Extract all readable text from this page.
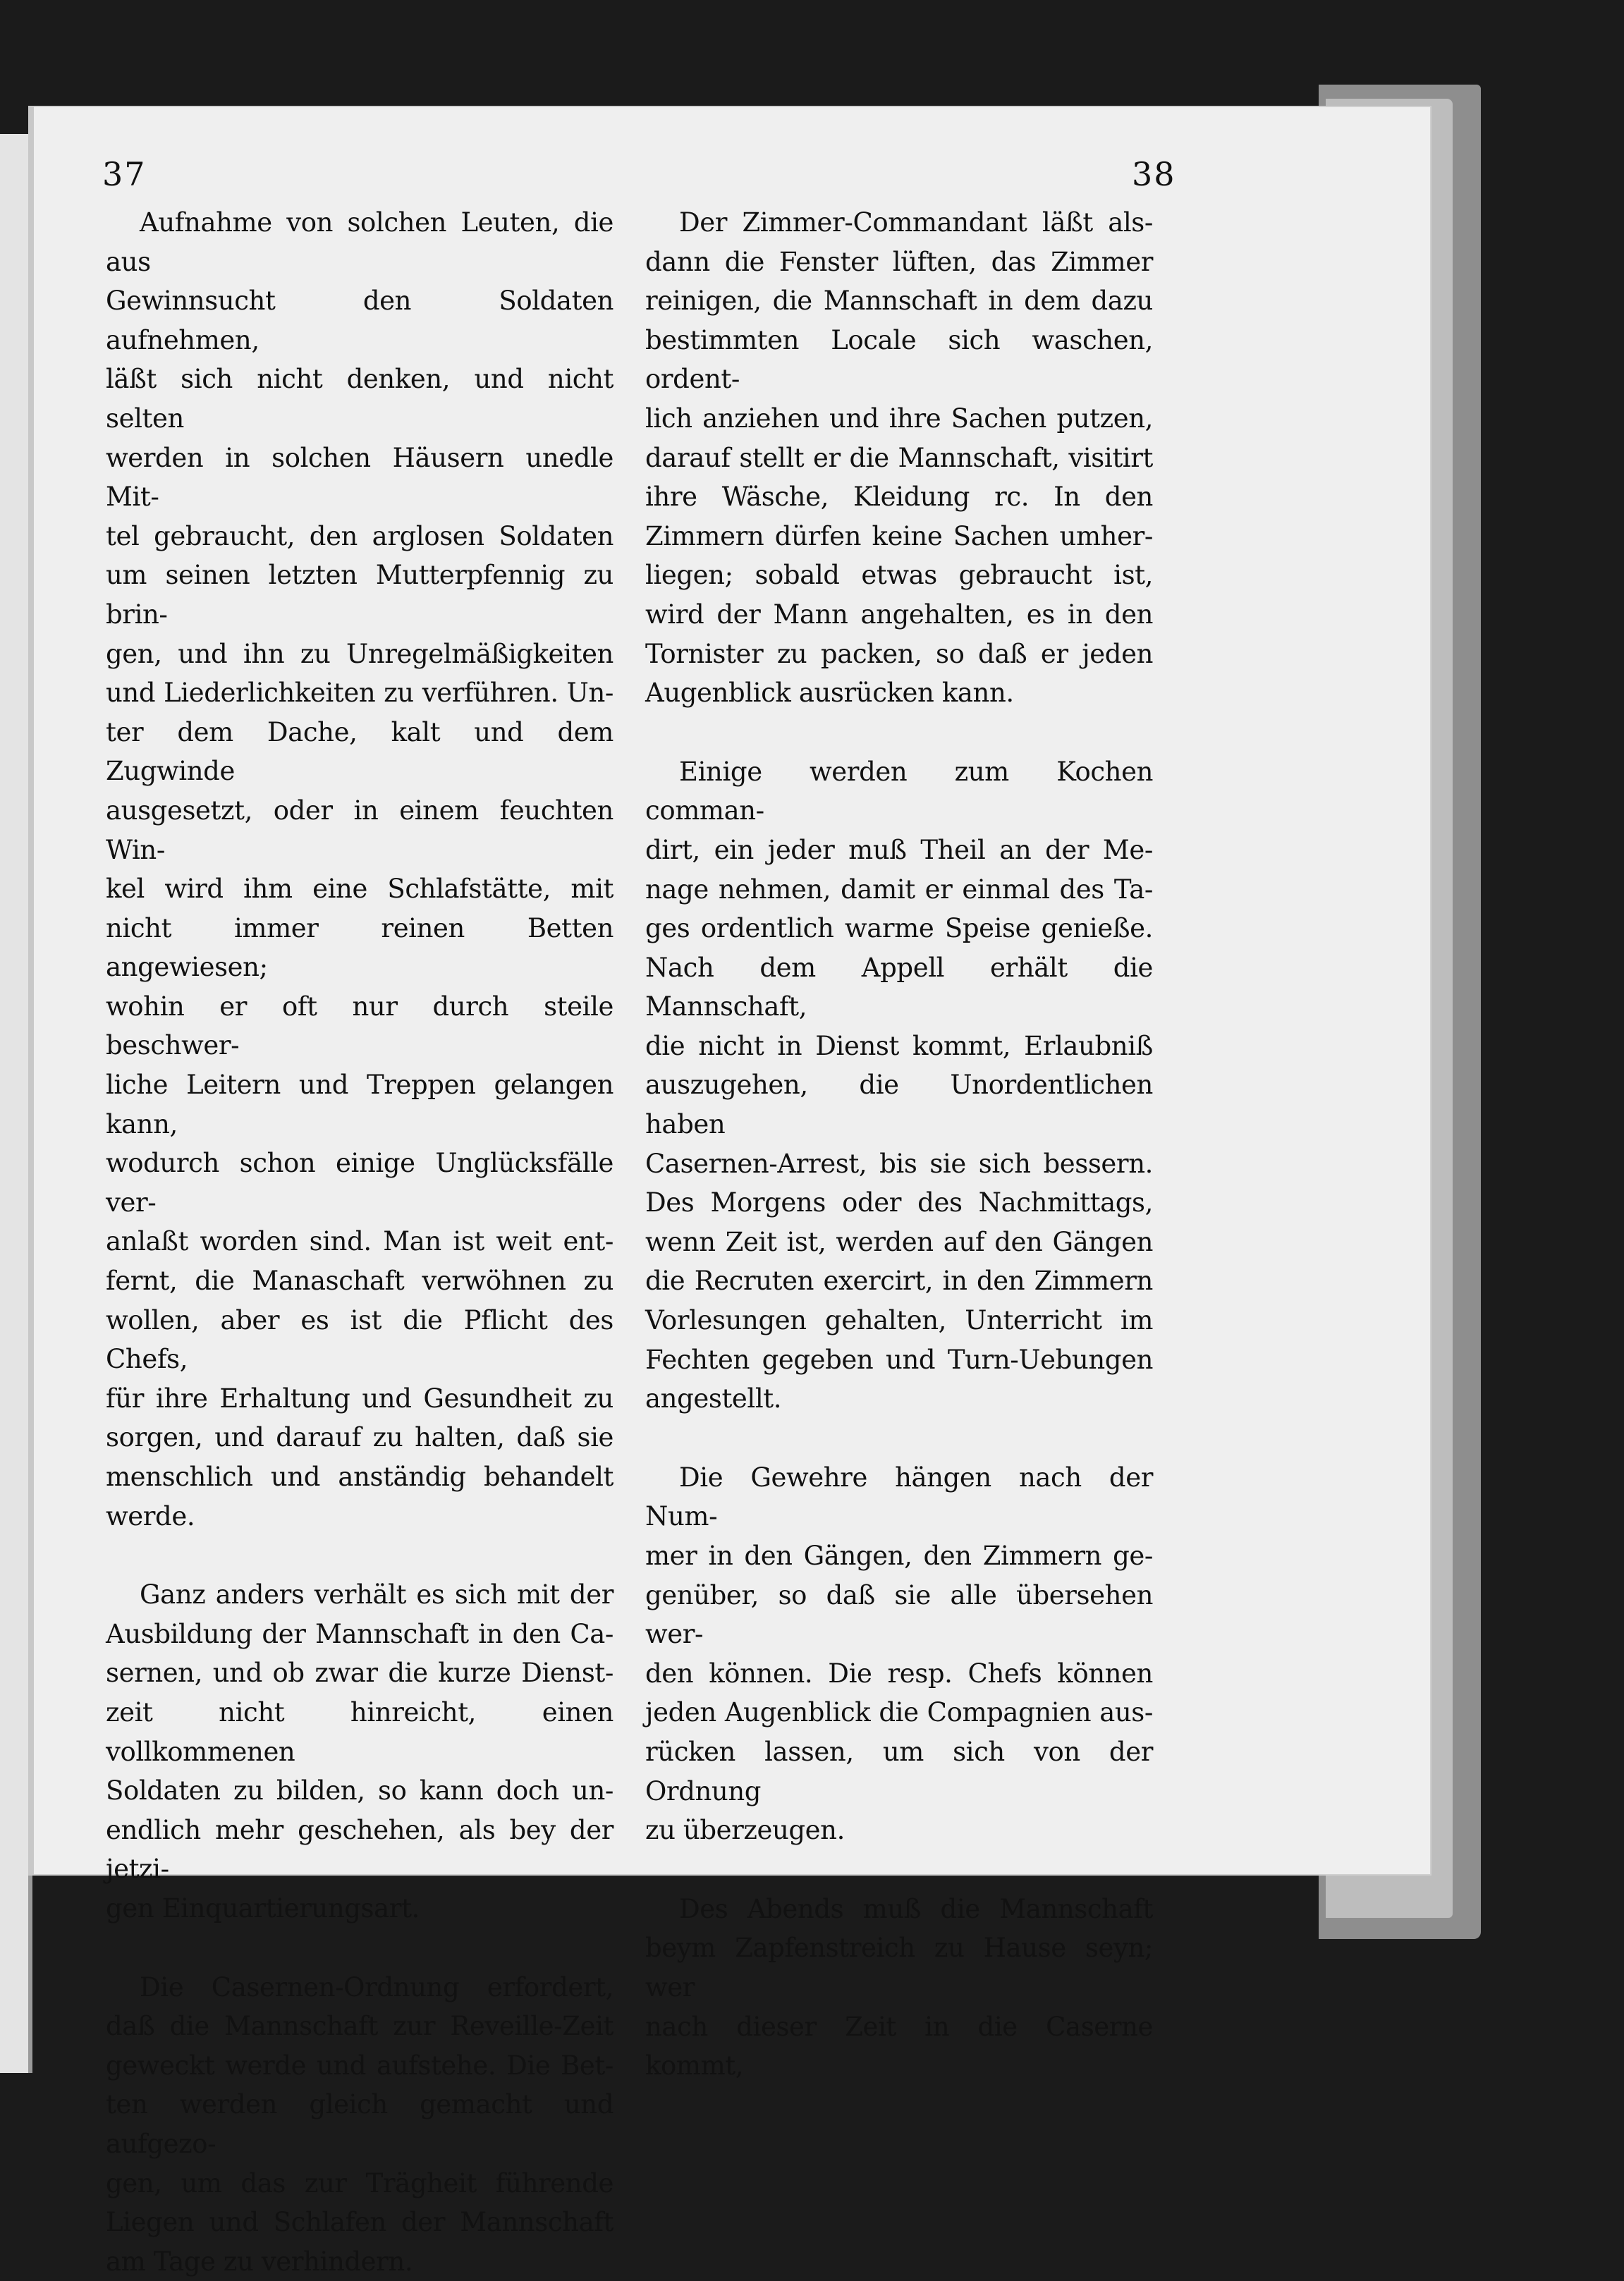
37	38

Aufnahme von solchen Leuten, die aus

Gewinnsucht den Soldaten aufnehmen,

läßt sich nicht denken, und nicht selten

werden in solchen Häusern unedle Mit-

tel gebraucht, den arglosen Soldaten

um seinen letzten Mutterpfennig zu brin-

gen, und ihn zu Unregelmäßigkeiten

und Liederlichkeiten zu verführen. Un-

ter dem Dache, kalt und dem Zugwinde

ausgesetzt, oder in einem feuchten Win-

kel wird ihm eine Schlafstätte, mit

nicht immer reinen Betten angewiesen;

wohin er oft nur durch steile beschwer-

liche Leitern und Treppen gelangen kann,

wodurch schon einige Unglücksfälle ver-

anlaßt worden sind. Man ist weit ent-

fernt, die Manaschaft verwöhnen zu

wollen, aber es ist die Pflicht des Chefs,

für ihre Erhaltung und Gesundheit zu

sorgen, und darauf zu halten, daß sie

menschlich und anständig behandelt

werde.

Ganz anders verhält es sich mit der

Ausbildung der Mannschaft in den Ca-

sernen, und ob zwar die kurze Dienst-

zeit nicht hinreicht, einen vollkommenen

Soldaten zu bilden, so kann doch un-

endlich mehr geschehen, als bey der jetzi-

gen Einquartierungsart.

Die Casernen-Ordnung erfordert,

daß die Mannschaft zur Reveille-Zeit

geweckt werde und aufstehe. Die Bet-

ten werden gleich gemacht und aufgezo-

gen, um das zur Trägheit führende

Liegen und Schlafen der Mannschaft

am Tage zu verhindern.

Der Zimmer-Commandant läßt als-

dann die Fenster lüften, das Zimmer

reinigen, die Mannschaft in dem dazu

bestimmten Locale sich waschen, ordent-

lich anziehen und ihre Sachen putzen,

darauf stellt er die Mannschaft, visitirt

ihre Wäsche, Kleidung rc. In den

Zimmern dürfen keine Sachen umher-

liegen; sobald etwas gebraucht ist,

wird der Mann angehalten, es in den

Tornister zu packen, so daß er jeden

Augenblick ausrücken kann.

Einige werden zum Kochen comman-

dirt, ein jeder muß Theil an der Me-

nage nehmen, damit er einmal des Ta-

ges ordentlich warme Speise genieße.

Nach dem Appell erhält die Mannschaft,

die nicht in Dienst kommt, Erlaubniß

auszugehen, die Unordentlichen haben

Casernen-Arrest, bis sie sich bessern.

Des Morgens oder des Nachmittags,

wenn Zeit ist, werden auf den Gängen

die Recruten exercirt, in den Zimmern

Vorlesungen gehalten, Unterricht im

Fechten gegeben und Turn-Uebungen

angestellt.

Die Gewehre hängen nach der Num-

mer in den Gängen, den Zimmern ge-

genüber, so daß sie alle übersehen wer-

den können. Die resp. Chefs können

jeden Augenblick die Compagnien aus-

rücken lassen, um sich von der Ordnung

zu überzeugen.

Des Abends muß die Mannschaft

beym Zapfenstreich zu Hause seyn; wer

nach dieser Zeit in die Caserne kommt,
